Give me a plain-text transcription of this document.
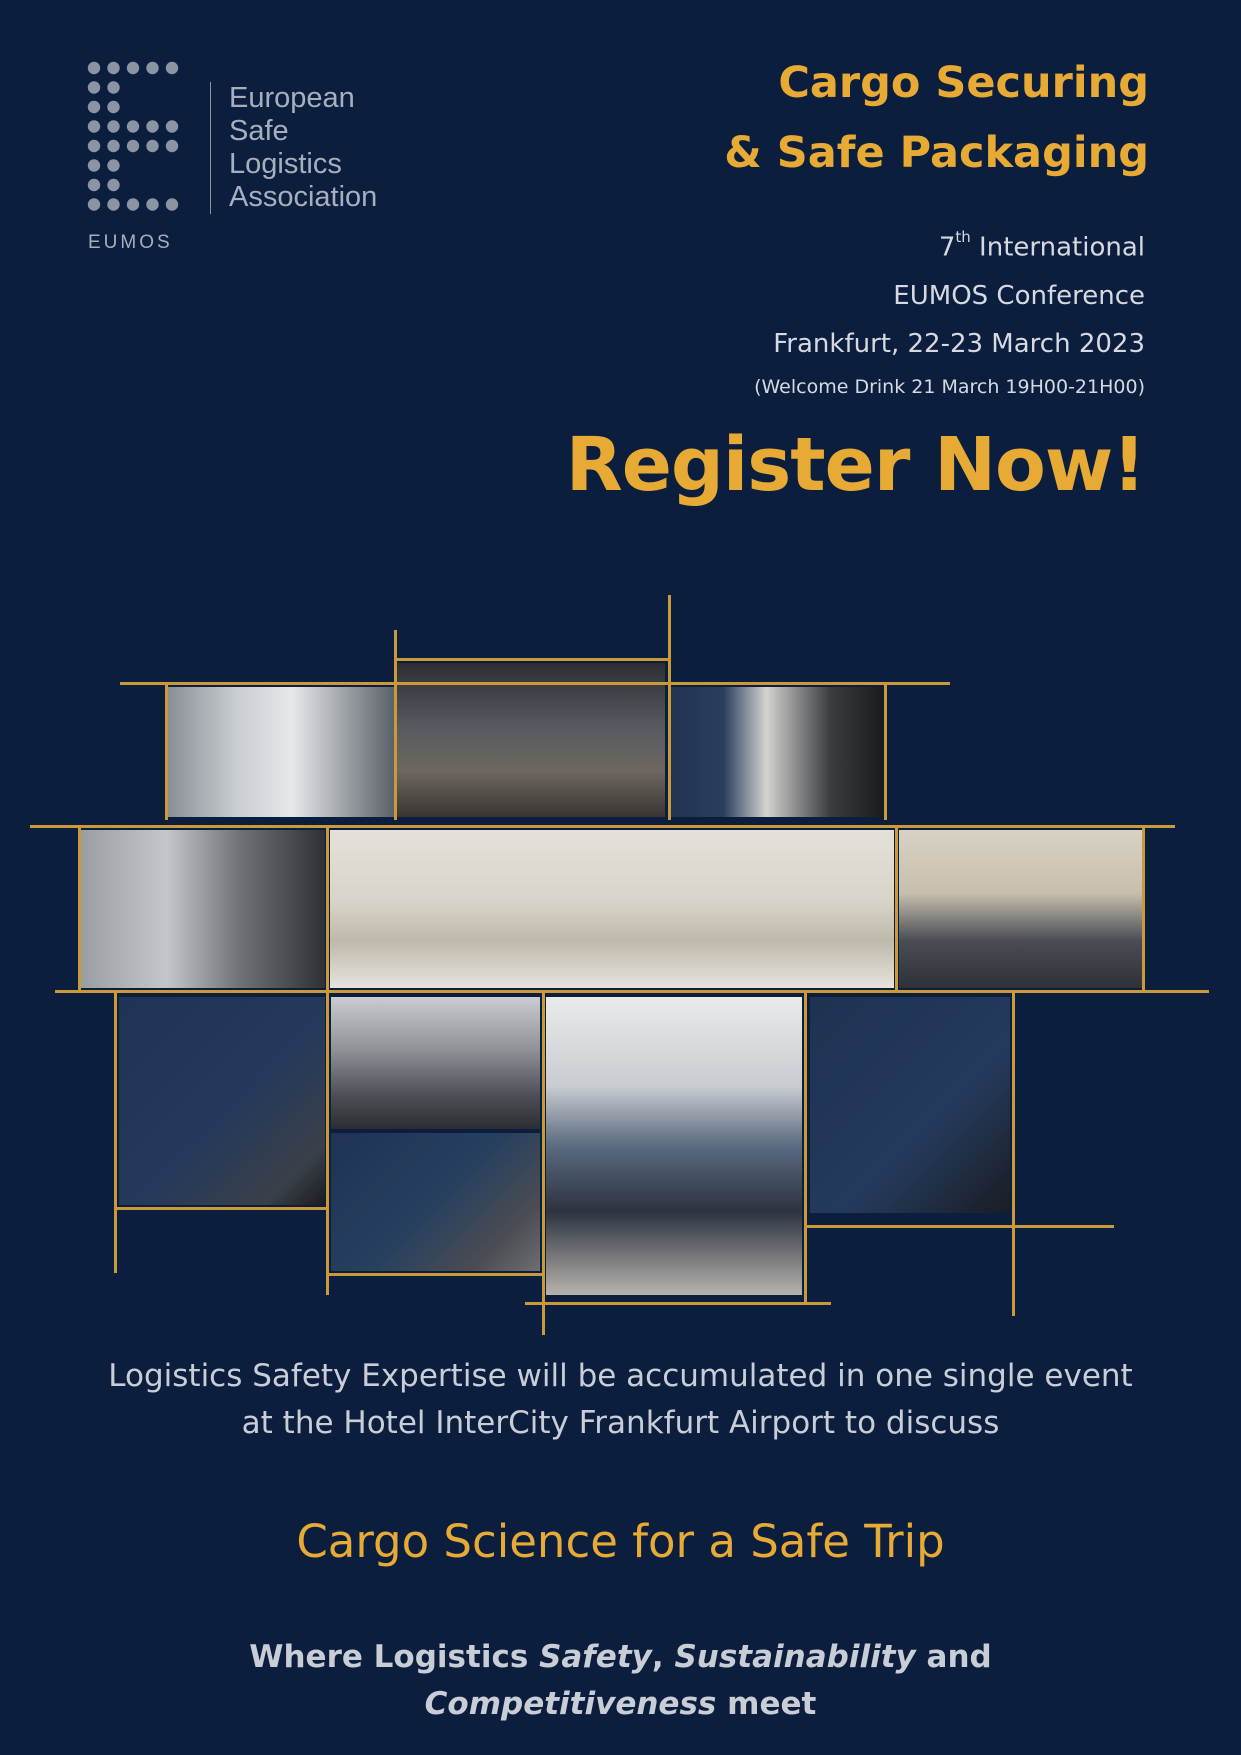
European
Safe
Logistics
Association
EUMOS
Cargo Securing
& Safe Packaging
7th International
EUMOS Conference
Frankfurt, 22-23 March 2023
(Welcome Drink 21 March 19H00-21H00)
Register Now!
Logistics Safety Expertise will be accumulated in one single event
at the Hotel InterCity Frankfurt Airport to discuss
Cargo Science for a Safe Trip
Where Logistics Safety, Sustainability and
Competitiveness meet
